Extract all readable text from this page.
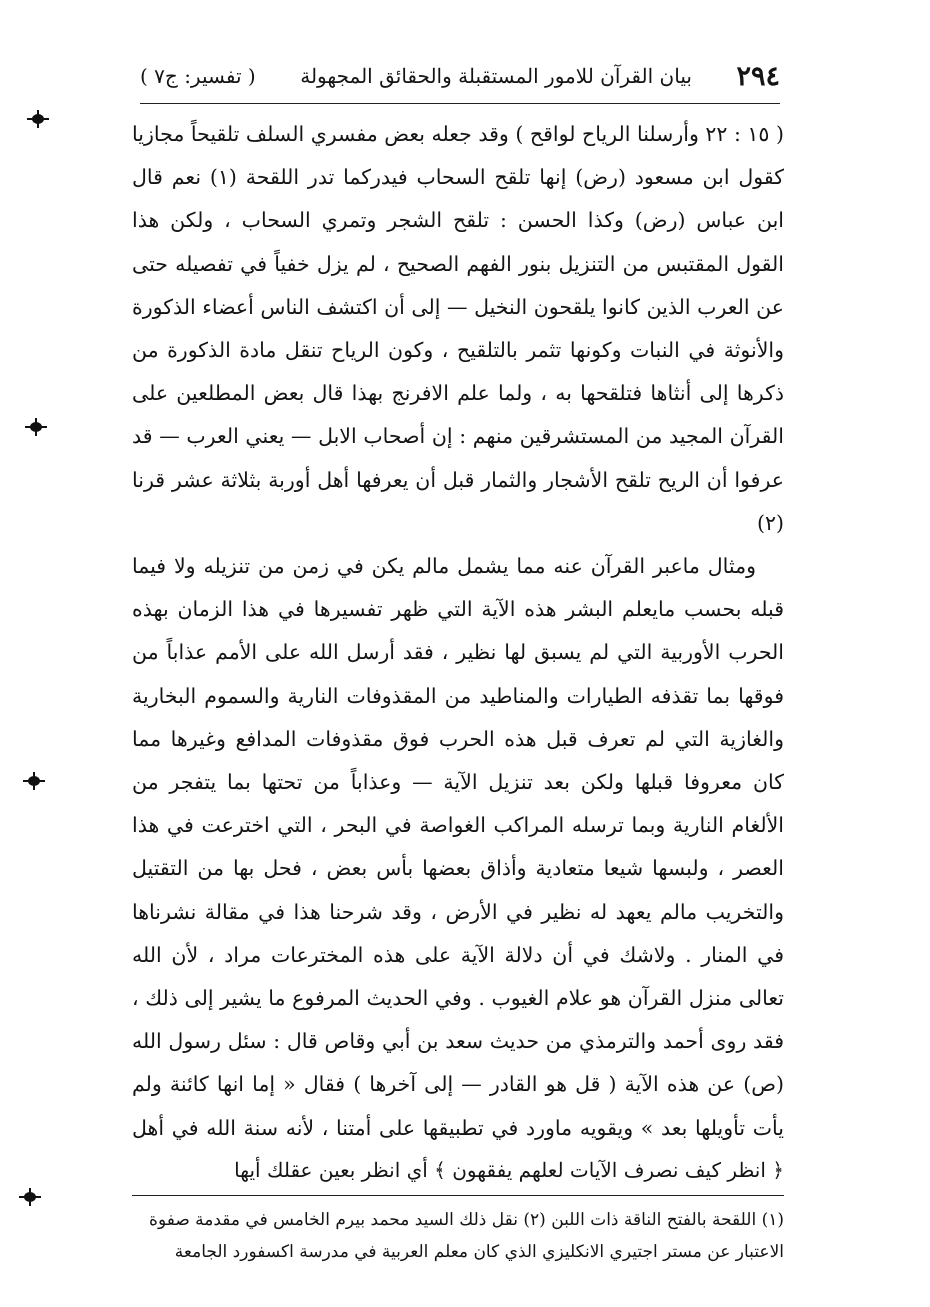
٢٩٤
بيان القرآن للامور المستقبلة والحقائق المجهولة
( تفسير: ج٧ )

( ١٥ : ٢٢ وأرسلنا الرياح لواقح ) وقد جعله بعض مفسري السلف تلقيحاً مجازيا كقول ابن مسعود (رض) إنها تلقح السحاب فيدركما تدر اللقحة (١) نعم قال ابن عباس (رض) وكذا الحسن : تلقح الشجر وتمري السحاب ، ولكن هذا القول المقتبس من التنزيل بنور الفهم الصحيح ، لم يزل خفياً في تفصيله حتى عن العرب الذين كانوا يلقحون النخيل — إلى أن اكتشف الناس أعضاء الذكورة والأنوثة في النبات وكونها تثمر بالتلقيح ، وكون الرياح تنقل مادة الذكورة من ذكرها إلى أنثاها فتلقحها به ، ولما علم الافرنج بهذا قال بعض المطلعين على القرآن المجيد من المستشرقين منهم : إن أصحاب الابل — يعني العرب — قد عرفوا أن الريح تلقح الأشجار والثمار قبل أن يعرفها أهل أوربة بثلاثة عشر قرنا (٢)

ومثال ماعبر القرآن عنه مما يشمل مالم يكن في زمن من تنزيله ولا فيما قبله بحسب مايعلم البشر هذه الآية التي ظهر تفسيرها في هذا الزمان بهذه الحرب الأوربية التي لم يسبق لها نظير ، فقد أرسل الله على الأمم عذاباً من فوقها بما تقذفه الطيارات والمناطيد من المقذوفات النارية والسموم البخارية والغازية التي لم تعرف قبل هذه الحرب فوق مقذوفات المدافع وغيرها مما كان معروفا قبلها ولكن بعد تنزيل الآية — وعذاباً من تحتها بما يتفجر من الألغام النارية وبما ترسله المراكب الغواصة في البحر ، التي اخترعت في هذا العصر ، ولبسها شيعا متعادية وأذاق بعضها بأس بعض ، فحل بها من التقتيل والتخريب مالم يعهد له نظير في الأرض ، وقد شرحنا هذا في مقالة نشرناها في المنار . ولاشك في أن دلالة الآية على هذه المخترعات مراد ، لأن الله تعالى منزل القرآن هو علام الغيوب . وفي الحديث المرفوع ما يشير إلى ذلك ، فقد روى أحمد والترمذي من حديث سعد بن أبي وقاص قال : سئل رسول الله (ص) عن هذه الآية ( قل هو القادر — إلى آخرها ) فقال « إما انها كائنة ولم يأت تأويلها بعد » ويقويه ماورد في تطبيقها على أمتنا ، لأنه سنة الله في أهل

﴿ انظر كيف نصرف الآيات لعلهم يفقهون ﴾ أي انظر بعين عقلك أيها

(١) اللقحة بالفتح الناقة ذات اللبن (٢) نقل ذلك السيد محمد بيرم الخامس في مقدمة صفوة

الاعتبار عن مستر اجتيري الانكليزي الذي كان معلم العربية في مدرسة اكسفورد الجامعة
